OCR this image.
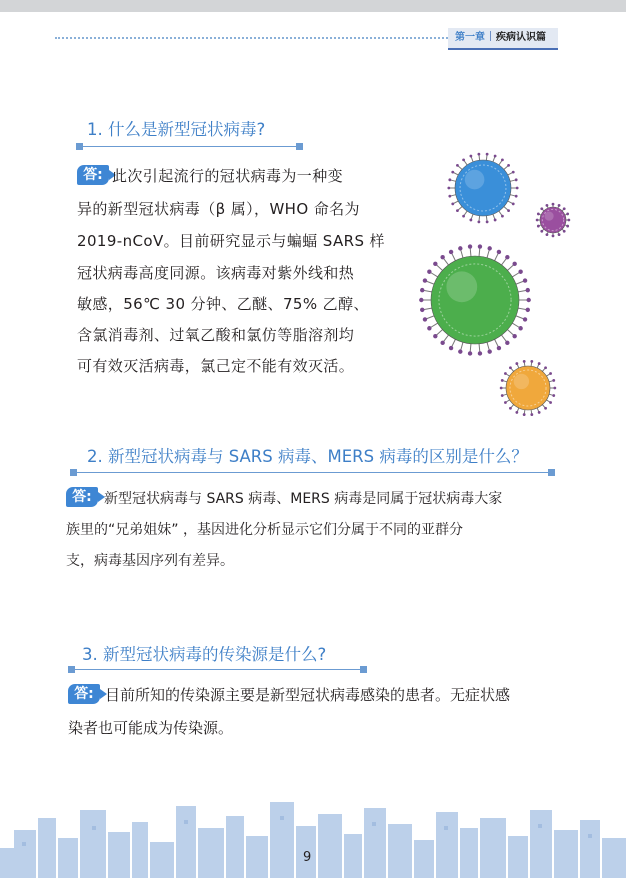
第一章 疾病认识篇
1. 什么是新型冠状病毒?
答: 此次引起流行的冠状病毒为一种变
异的新型冠状病毒（β 属），WHO 命名为
2019-nCoV。目前研究显示与蝙蝠 SARS 样
冠状病毒高度同源。该病毒对紫外线和热
敏感，56℃ 30 分钟、乙醚、75% 乙醇、
含氯消毒剂、过氧乙酸和氯仿等脂溶剂均
可有效灭活病毒，氯己定不能有效灭活。
2. 新型冠状病毒与 SARS 病毒、MERS 病毒的区别是什么？
答: 新型冠状病毒与 SARS 病毒、MERS 病毒是同属于冠状病毒大家
族里的“兄弟姐妹” ，基因进化分析显示它们分属于不同的亚群分
支，病毒基因序列有差异。
3. 新型冠状病毒的传染源是什么?
答: 目前所知的传染源主要是新型冠状病毒感染的患者。无症状感
染者也可能成为传染源。
9
